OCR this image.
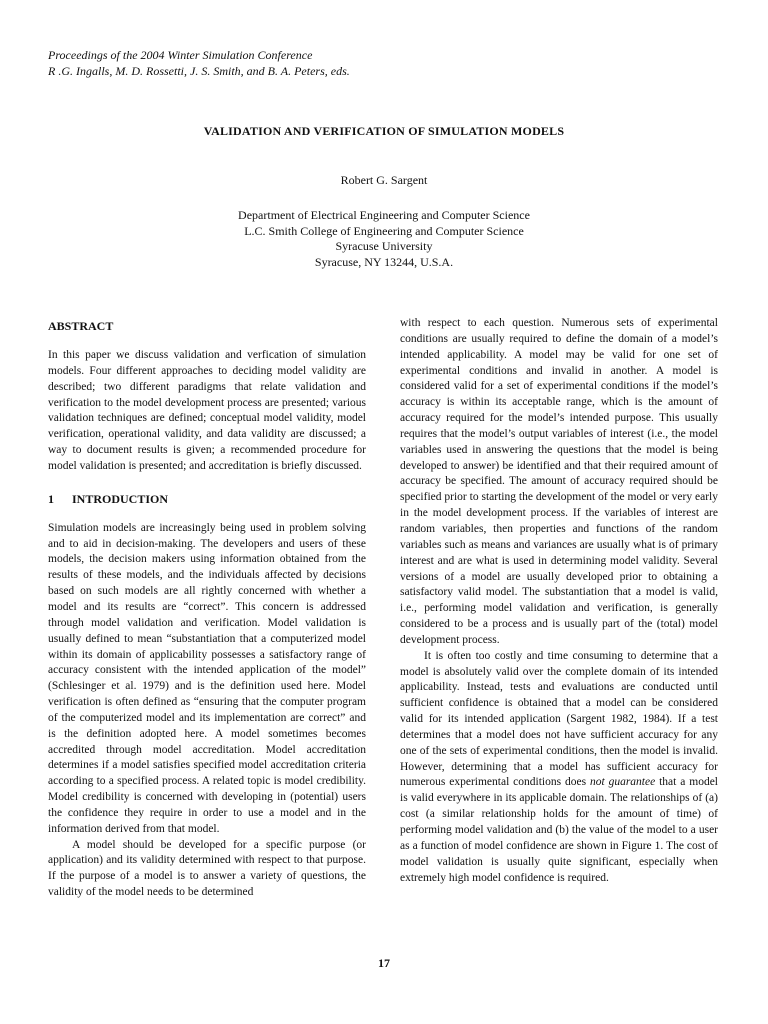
Proceedings of the 2004 Winter Simulation Conference
R .G. Ingalls, M. D. Rossetti, J. S. Smith, and B. A. Peters, eds.
VALIDATION AND VERIFICATION OF SIMULATION MODELS
Robert G. Sargent
Department of Electrical Engineering and Computer Science
L.C. Smith College of Engineering and Computer Science
Syracuse University
Syracuse, NY 13244, U.S.A.
ABSTRACT

In this paper we discuss validation and verfication of simulation models. Four different approaches to deciding model validity are described; two different paradigms that relate validation and verification to the model development process are presented; various validation techniques are defined; conceptual model validity, model verification, operational validity, and data validity are discussed; a way to document results is given; a recommended procedure for model validation is presented; and accreditation is briefly discussed.

1 INTRODUCTION

Simulation models are increasingly being used in problem solving and to aid in decision-making. The developers and users of these models, the decision makers using information obtained from the results of these models, and the individuals affected by decisions based on such models are all rightly concerned with whether a model and its results are “correct”. This concern is addressed through model validation and verification. Model validation is usually defined to mean “substantiation that a computerized model within its domain of applicability possesses a satisfactory range of accuracy consistent with the intended application of the model” (Schlesinger et al. 1979) and is the definition used here. Model verification is often defined as “ensuring that the computer program of the computerized model and its implementation are correct” and is the definition adopted here. A model sometimes becomes accredited through model accreditation. Model accreditation determines if a model satisfies specified model accreditation criteria according to a specified process. A related topic is model credibility. Model credibility is concerned with developing in (potential) users the confidence they require in order to use a model and in the information derived from that model.

A model should be developed for a specific purpose (or application) and its validity determined with respect to that purpose. If the purpose of a model is to answer a variety of questions, the validity of the model needs to be determined

with respect to each question. Numerous sets of experimental conditions are usually required to define the domain of a model’s intended applicability. A model may be valid for one set of experimental conditions and invalid in another. A model is considered valid for a set of experimental conditions if the model’s accuracy is within its acceptable range, which is the amount of accuracy required for the model’s intended purpose. This usually requires that the model’s output variables of interest (i.e., the model variables used in answering the questions that the model is being developed to answer) be identified and that their required amount of accuracy be specified. The amount of accuracy required should be specified prior to starting the development of the model or very early in the model development process. If the variables of interest are random variables, then properties and functions of the random variables such as means and variances are usually what is of primary interest and are what is used in determining model validity. Several versions of a model are usually developed prior to obtaining a satisfactory valid model. The substantiation that a model is valid, i.e., performing model validation and verification, is generally considered to be a process and is usually part of the (total) model development process.

It is often too costly and time consuming to determine that a model is absolutely valid over the complete domain of its intended applicability. Instead, tests and evaluations are conducted until sufficient confidence is obtained that a model can be considered valid for its intended application (Sargent 1982, 1984). If a test determines that a model does not have sufficient accuracy for any one of the sets of experimental conditions, then the model is invalid. However, determining that a model has sufficient accuracy for numerous experimental conditions does not guarantee that a model is valid everywhere in its applicable domain. The relationships of (a) cost (a similar relationship holds for the amount of time) of performing model validation and (b) the value of the model to a user as a function of model confidence are shown in Figure 1. The cost of model validation is usually quite significant, especially when extremely high model confidence is required.

17
